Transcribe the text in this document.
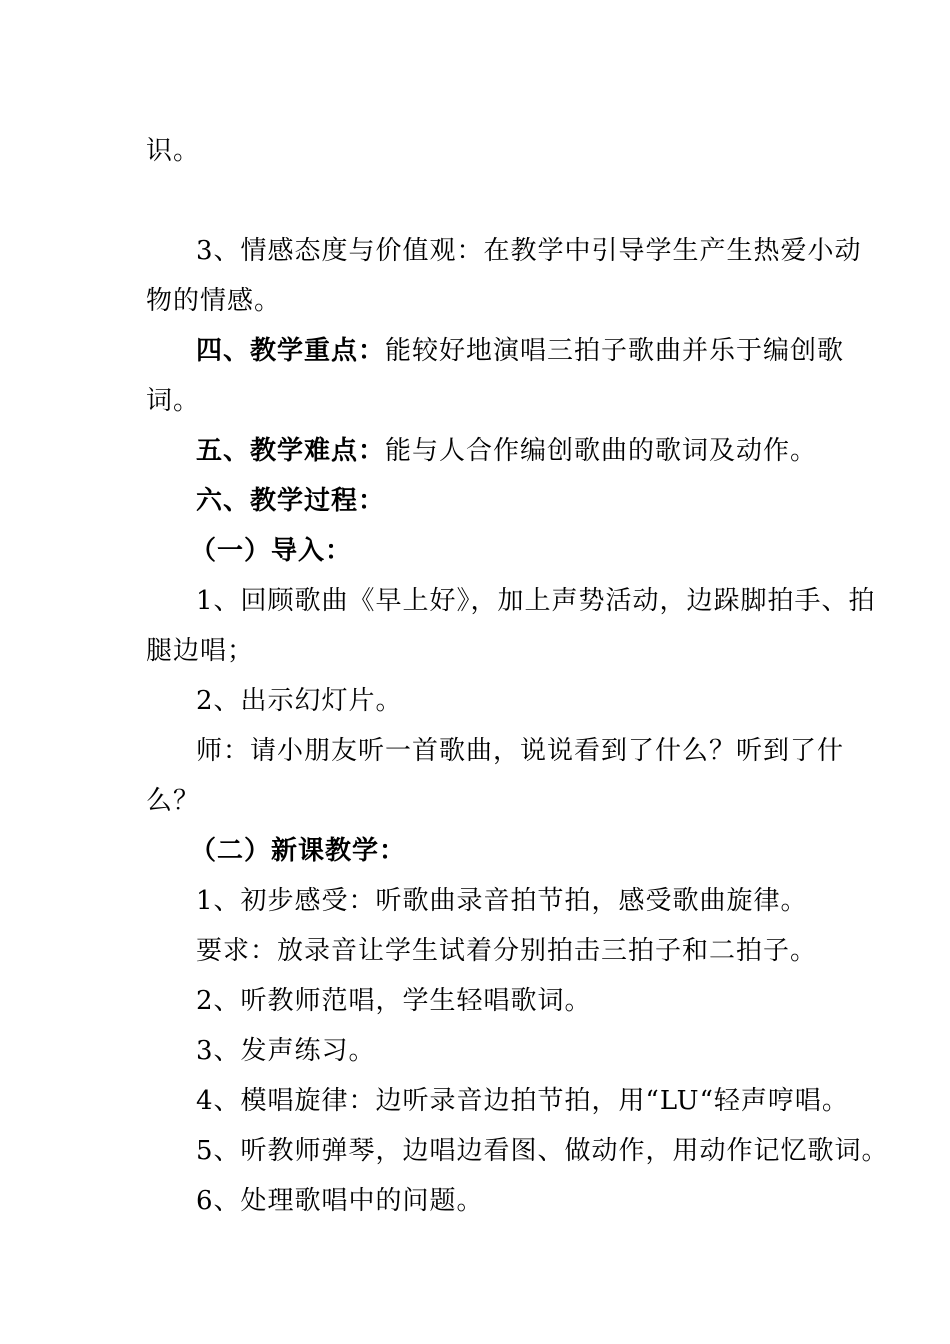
识。
3、情感态度与价值观：在教学中引导学生产生热爱小动
物的情感。
四、教学重点：能较好地演唱三拍子歌曲并乐于编创歌
词。
五、教学难点：能与人合作编创歌曲的歌词及动作。
六、教学过程：
（一）导入：
1、回顾歌曲《早上好》，加上声势活动，边跺脚拍手、拍
腿边唱；
2、出示幻灯片。
师：请小朋友听一首歌曲，说说看到了什么？听到了什
么？
（二）新课教学：
1、初步感受：听歌曲录音拍节拍，感受歌曲旋律。
要求：放录音让学生试着分别拍击三拍子和二拍子。
2、听教师范唱，学生轻唱歌词。
3、发声练习。
4、模唱旋律：边听录音边拍节拍，用“LU“轻声哼唱。
5、听教师弹琴，边唱边看图、做动作，用动作记忆歌词。
6、处理歌唱中的问题。
